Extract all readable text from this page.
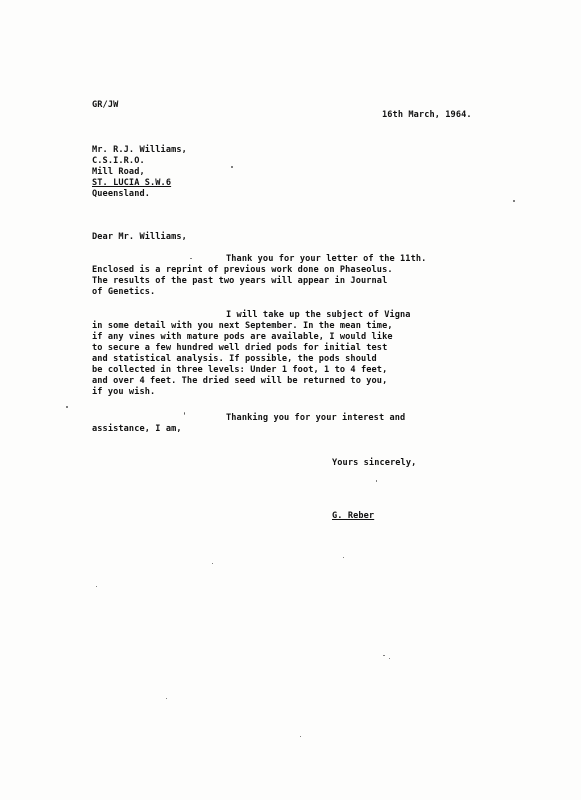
GR/JW
16th March, 1964.
Mr. R.J. Williams,
C.S.I.R.O.
Mill Road,
ST. LUCIA S.W.6
Queensland.
Dear Mr. Williams,
Thank you for your letter of the 11th.
Enclosed is a reprint of previous work done on Phaseolus.
The results of the past two years will appear in Journal
of Genetics.
I will take up the subject of Vigna
in some detail with you next September. In the mean time,
if any vines with mature pods are available, I would like
to secure a few hundred well dried pods for initial test
and statistical analysis. If possible, the pods should
be collected in three levels: Under 1 foot, 1 to 4 feet,
and over 4 feet. The dried seed will be returned to you,
if you wish.
Thanking you for your interest and
assistance, I am,
Yours sincerely,
G. Reber
